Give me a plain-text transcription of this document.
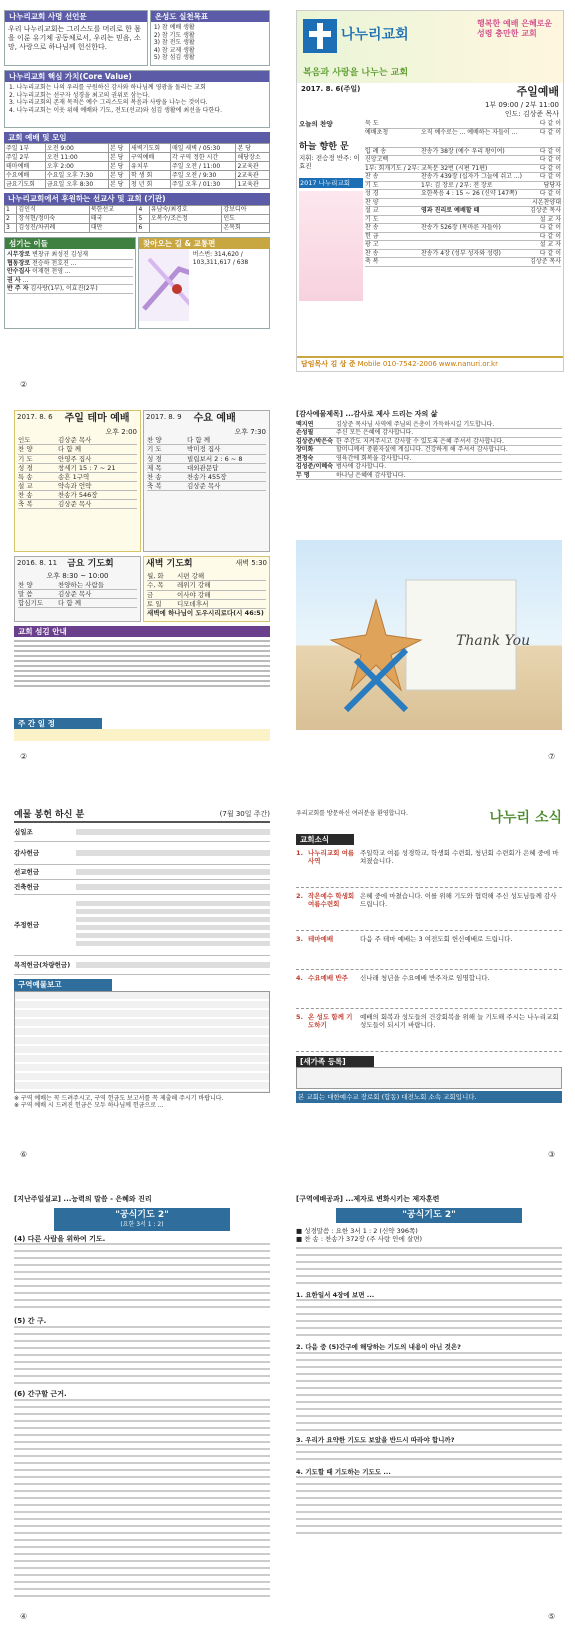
나누리교회 사명 선언문
우리 나누리교회는 그리스도를 머리로 한 몸을 이룬 유기체 공동체로서, 우리는 믿음, 소망, 사랑으로 하나님께 헌신한다.
온성도 실천목표
1) 참 예배 생활
2) 참 기도 생활
3) 참 전도 생활
4) 참 교제 생활
5) 참 섬김 생활
나누리교회 핵심 가치(Core Value)
1. 나누리교회는 나의 우리를 구원하신 감사와 하나님께 영광을 돌리는 교회
2. 나누리교회는 선구자 성경을 최고의 권위로 삼는다.
3. 나누리교회의 존재 목적은 예수 그리스도의 복음과 사랑을 나누는 것이다.
4. 나누리교회는 이웃 위해 예배와 기도, 전도(선교)와 섬김 생활에 최선을 다한다.
교회 예배 및 모임
주일 1부	오전 9:00	본 당	새벽기도회	매일 새벽 / 05:30	본 당
주일 2부	오전 11:00	본 당	구역예배	각 구역 정한 시간	해당장소
테마예배	오후 2:00	본 당	유치부	주일 오전 / 11:00	2교육관
수요예배	수요일 오후 7:30	본 당	학 생 회	주일 오전 / 9:30	2교육관
금요기도회	금요일 오후 8:30	본 당	청 년 회	주일 오후 / 01:30	1교육관
나누리교회에서 후원하는 선교사 및 교회 (기관)
1	김인식	북한선교	4	유남숙/최경호	강보디아
2	장석현/정미숙	태국	5	오복수/조은정	인도
3	김성진/차귀례	대만	6		온목회
섬기는 이들
시무장로
변창규 최성진 김성재
협동장로
전승하 천호진 ...
안수집사
이재현 천영 ...
권 사
...
반 주 자
김사랑(1부), 이효진(2부)
찾아오는 길 & 교통편
버스번: 314,620 / 103,311,617 / 638
②
나누리교회
행복한 예배 은혜로운 성령 충만한 교회
복음과 사랑을 나누는 교회
2017. 8. 6(주일)	주일예배
1부 09:00 / 2부 11:00
인도: 김상준 목사
오늘의 찬양
하늘 향한 문
지휘: 전승정 반주: 이효진
2017 나누리교회
묵 도	다 같 이
예배초청	오직 예수로는 ... 예배하는 자들이 ...	다 같 이
입 례 송	찬송가 38장 (예수 우리 왕이여)	다 같 이
신앙고백	다 같 이
1부: 회개기도 / 2부: 교독문 32번 (시편 71편)	다 같 이
찬 송	찬송가 439장 (십자가 그늘에 쉬고 ...)	다 같 이
기 도	1부: 김 장로 / 2부: 전 장로	담당자
성 경	요한복음 4 : 15 ~ 26 (신약 147쪽)	다 같 이
찬 양	시온찬양대
설 교	영과 진리로 예배할 때	김상준 목사
기 도	설 교 자
찬 송	찬송가 526장 (목마른 자들아)	다 같 이
헌 금	다 같 이
광 고	설 교 자
찬 송	찬송가 4장 (성부 성자와 성령)	다 같 이
축 복	김상준 목사
담임목사 김 상 준 Mobile 010-7542-2006 www.nanuri.or.kr
2017. 8. 6 주일 테마 예배
오후 2:00
인도	김상준 목사
찬 양	다 함 께
기 도	안영주 집사
성 경	창세기 15 : 7 ~ 21
특 송	송흔 1구역
설 교	약속과 언약
찬 송	찬송가 546장
축 복	김상준 목사
2017. 8. 9 수요 예배
오후 7:30
찬 양	다 함 께
기 도	박미정 집사
성 경	빌립보서 2 : 6 ~ 8
제 목	대외관문답
찬 송	찬송가 455장
축 복	김상준 목사
2016. 8. 11 금요 기도회
오후 8:30 ~ 10:00
찬 양	찬양하는 사람들
말 씀	김상준 목사
합심기도	다 함 께
새벽 기도회	새벽 5:30
월, 화	시편 강해
수, 목	레위기 강해
금	이사야 강해
토 일	디모데후서
새벽에 하나님이 도우시리로다(시 46:5)
교회 섬김 안내
주 간 일 정
②
[감사예물제목] ...감사로 제사 드리는 자의 삶
맥지연	김상준 목사님 사역에 주님의 은총이 가득하시길 기도합니다.
손성필	주신 모든 은혜에 감사합니다.
김상준/박은숙 한 주간도 지켜주시고 감사할 수 있도록 은혜 주셔서 감사합니다.
장미화	할머니께서 중환자실에 계십니다. 건강하게 해 주셔서 감사합니다.
전정숙	영육간에 회복을 감사합니다.
김성준/이혜숙 범사에 감사합니다.
무 명	하나님 은혜에 감사합니다.
Thank You
⑦
예물 봉헌 하신 분	(7월 30일 주간)
십일조
감사헌금
선교헌금
건축헌금
주정헌금
목적헌금(차량헌금)
구역예물보고
※ 구역 예배는 꼭 드려주시고, 구역 헌금도 보고서를 꼭 제출해 주시기 바랍니다.
※ 구역 예배 시 드려진 헌금은 모두 하나님께 헌금으로 ...
⑥
우리교회를 방문하신 여러분을 환영합니다.	나누리 소식
교회소식
1. 나누리교회 여름사역
주일학교 여름 성경학교, 학생회 수련회, 청년회 수련회가 은혜 중에 마쳐졌습니다.
2. 작은예수 학생회 여름수련회
은혜 중에 마쳤습니다. 이를 위해 기도와 협력해 주신 성도님들께 감사드립니다.
3. 테마예배	다음 주 테마 예배는 3 여전도회 헌신예배로 드립니다.
4. 수요예배 반주	신나래 청년을 수요예배 반주자로 임명합니다.
5. 온 성도 함께 기도하기
예배의 회복과 성도들의 건강회복을 위해 늘 기도해 주시는 나누리교회 성도들이 되시기 바랍니다.
[새가족 등록]
본 교회는 대한예수교 장로회 (합동) 대전노회 소속 교회입니다.
③
[지난주일설교] ...능력의 말씀 - 은혜와 진리
"공식기도 2"
(요한 3서 1 : 2)
(4) 다른 사람을 위하여 기도.
(5) 간 구.
(6) 간구할 근거.
④
[구역예배공과] ...제자로 변화시키는 제자훈련
"공식기도 2"
■ 성경말씀 : 요한 3서 1 : 2 (신약 396쪽)
■ 찬 송 : 찬송가 372장 (주 사랑 안에 살면)
1. 요한일서 4장에 보면 ...
2. 다음 중 (5)간구에 해당하는 기도의 내용이 아닌 것은?
3. 우리가 요약한 기도도 보았을 반드시 따라야 합니까?
4. 기도할 때 기도하는 기도도 ...
⑤
